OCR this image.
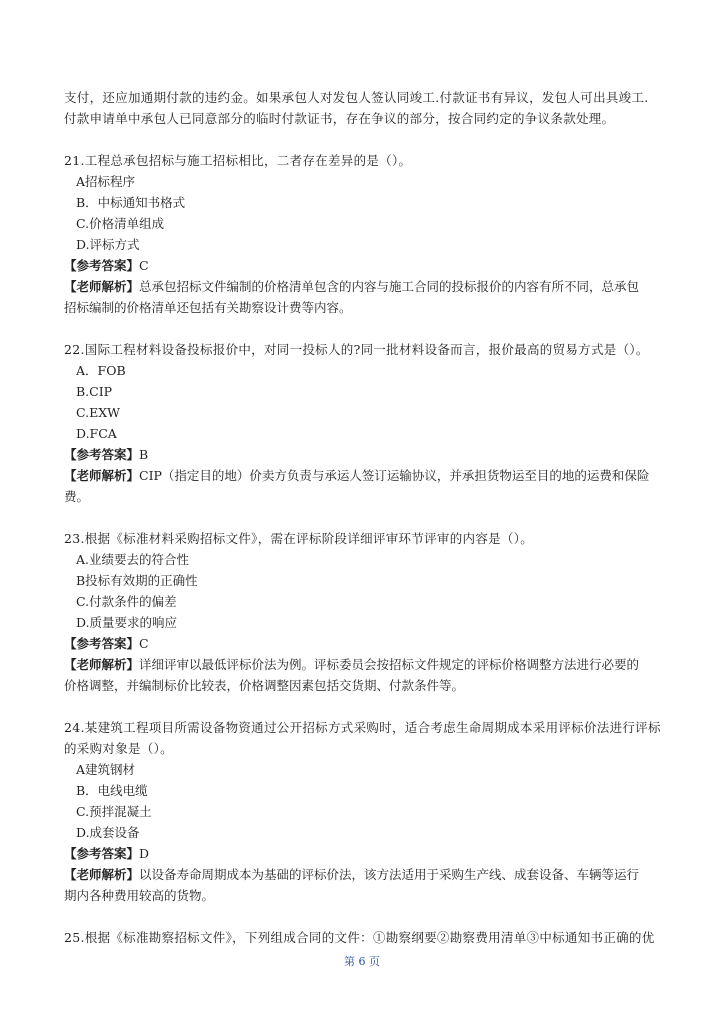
支付，还应加通期付款的违约金。如果承包人对发包人签认同竣工.付款证书有异议，发包人可出具竣工.

付款申请单中承包人已同意部分的临时付款证书，存在争议的部分，按合同约定的争议条款处理。

21.工程总承包招标与施工招标相比，二者存在差异的是（）。

A招标程序

B．中标通知书格式

C.价格清单组成

D.评标方式

【参考答案】C

【老师解析】总承包招标文件编制的价格清单包含的内容与施工合同的投标报价的内容有所不同，总承包

招标编制的价格清单还包括有关勘察设计费等内容。

22.国际工程材料设备投标报价中，对同一投标人的?同一批材料设备而言，报价最高的贸易方式是（）。

A．FOB

B.CIP

C.EXW

D.FCA

【参考答案】B

【老师解析】CIP（指定目的地）价卖方负责与承运人签订运输协议，并承担货物运至目的地的运费和保险

费。

23.根据《标准材料采购招标文件》，需在评标阶段详细评审环节评审的内容是（）。

A.业绩要去的符合性

B投标有效期的正确性

C.付款条件的偏差

D.质量要求的响应

【参考答案】C

【老师解析】详细评审以最低评标价法为例。评标委员会按招标文件规定的评标价格调整方法进行必要的

价格调整，并编制标价比较表，价格调整因素包括交货期、付款条件等。

24.某建筑工程项目所需设备物资通过公开招标方式采购时，适合考虑生命周期成本采用评标价法进行评标

的采购对象是（）。

A建筑钢材

B．电线电缆

C.预拌混凝土

D.成套设备

【参考答案】D

【老师解析】以设备寿命周期成本为基础的评标价法，该方法适用于采购生产线、成套设备、车辆等运行

期内各种费用较高的货物。

25.根据《标准勘察招标文件》，下列组成合同的文件：①勘察纲要②勘察费用清单③中标通知书正确的优

第 6 页
